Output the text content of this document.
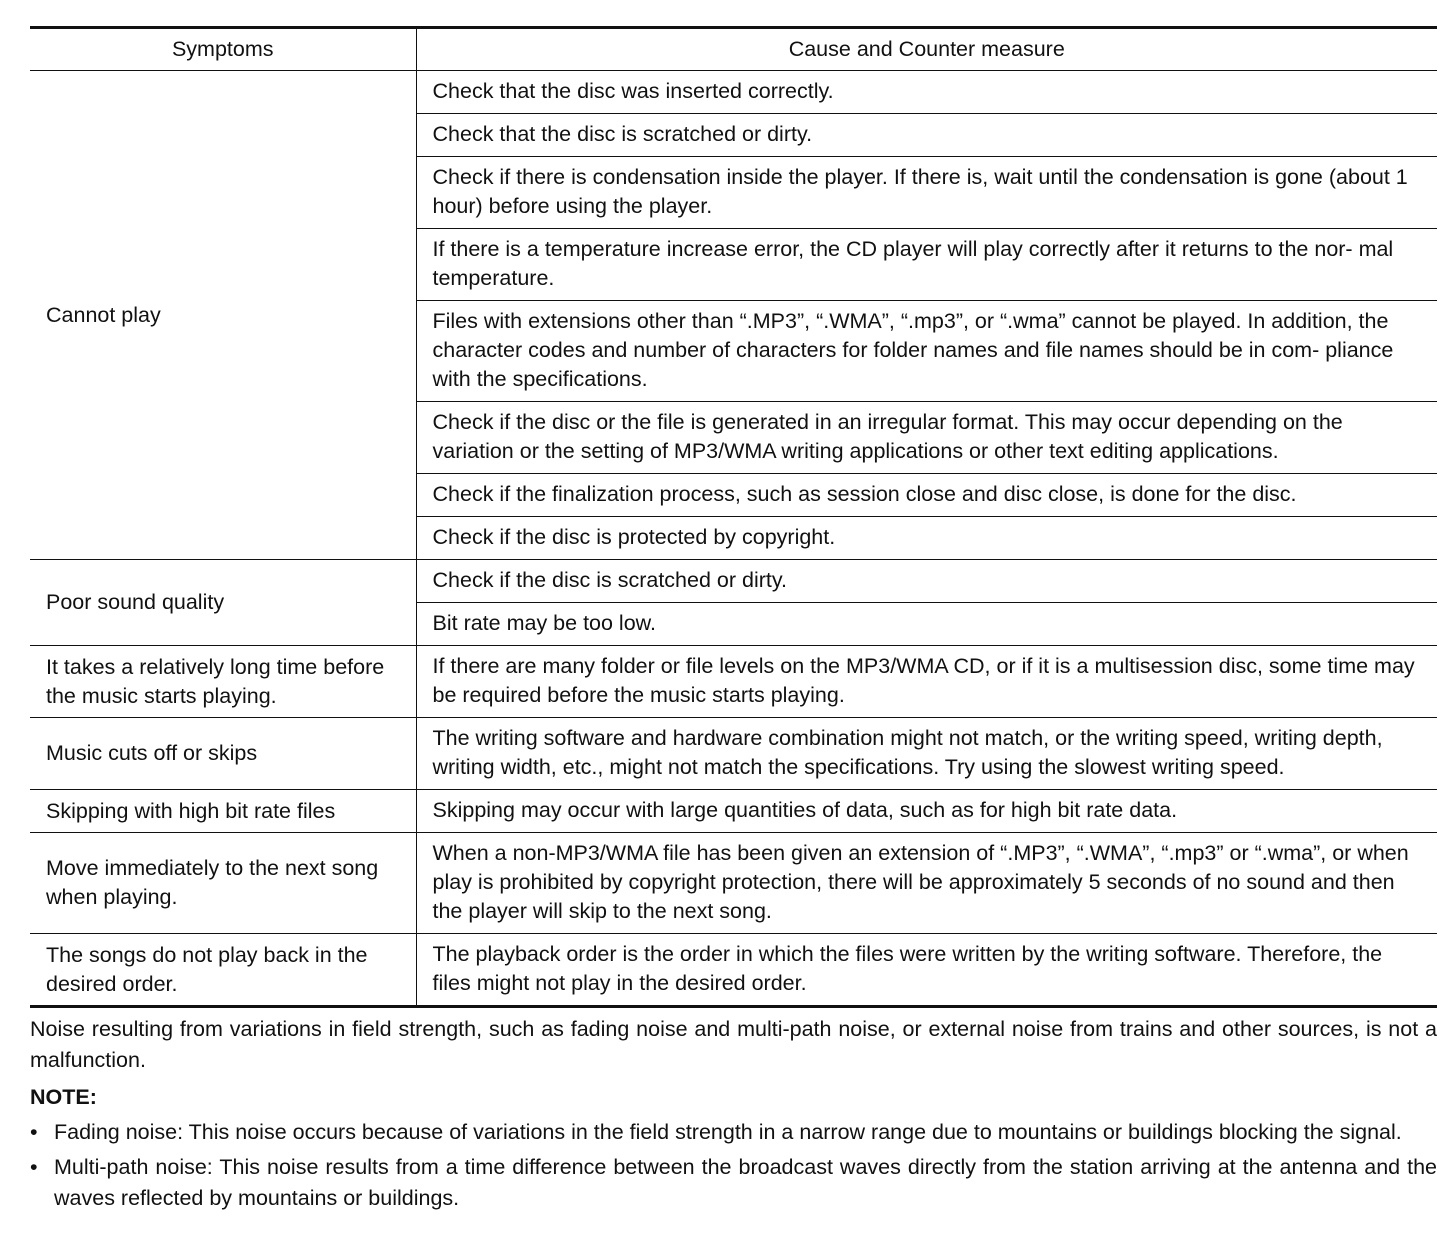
Symptoms	Cause and Counter measure
Cannot play	Check that the disc was inserted correctly.
	Check that the disc is scratched or dirty.
	Check if there is condensation inside the player. If there is, wait until the condensation is gone (about 1 hour) before using the player.
	If there is a temperature increase error, the CD player will play correctly after it returns to the nor- mal temperature.
	Files with extensions other than “.MP3”, “.WMA”, “.mp3”, or “.wma” cannot be played. In addition, the character codes and number of characters for folder names and file names should be in com- pliance with the specifications.
	Check if the disc or the file is generated in an irregular format. This may occur depending on the variation or the setting of MP3/WMA writing applications or other text editing applications.
	Check if the finalization process, such as session close and disc close, is done for the disc.
	Check if the disc is protected by copyright.
Poor sound quality	Check if the disc is scratched or dirty.
	Bit rate may be too low.
It takes a relatively long time before the music starts playing.	If there are many folder or file levels on the MP3/WMA CD, or if it is a multisession disc, some time may be required before the music starts playing.
Music cuts off or skips	The writing software and hardware combination might not match, or the writing speed, writing depth, writing width, etc., might not match the specifications. Try using the slowest writing speed.
Skipping with high bit rate files	Skipping may occur with large quantities of data, such as for high bit rate data.
Move immediately to the next song when playing.	When a non-MP3/WMA file has been given an extension of “.MP3”, “.WMA”, “.mp3” or “.wma”, or when play is prohibited by copyright protection, there will be approximately 5 seconds of no sound and then the player will skip to the next song.
The songs do not play back in the desired order.	The playback order is the order in which the files were written by the writing software. Therefore, the files might not play in the desired order.

Noise resulting from variations in field strength, such as fading noise and multi-path noise, or external noise from trains and other sources, is not a malfunction.

NOTE:

• Fading noise: This noise occurs because of variations in the field strength in a narrow range due to mountains or buildings blocking the signal.
• Multi-path noise: This noise results from a time difference between the broadcast waves directly from the station arriving at the antenna and the waves reflected by mountains or buildings.
